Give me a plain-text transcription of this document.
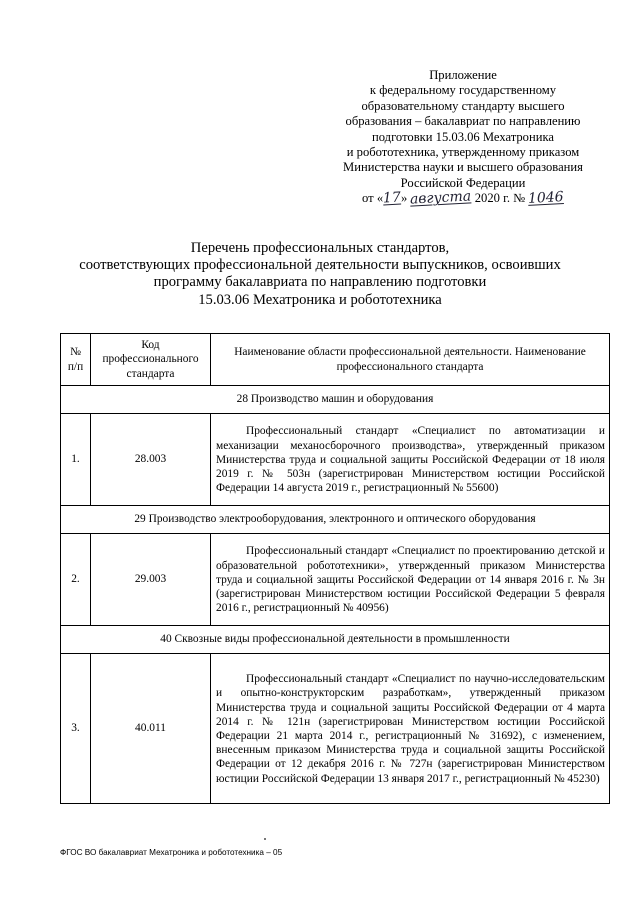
Приложение
к федеральному государственному
образовательному стандарту высшего
образования – бакалавриат по направлению
подготовки 15.03.06 Мехатроника
и робототехника, утвержденному приказом
Министерства науки и высшего образования
Российской Федерации
от «17» августа 2020 г. № 1046
Перечень профессиональных стандартов,
соответствующих профессиональной деятельности выпускников, освоивших
программу бакалавриата по направлению подготовки
15.03.06 Мехатроника и робототехника
№ п/п	Код профессионального стандарта	Наименование области профессиональной деятельности. Наименование профессионального стандарта
28 Производство машин и оборудования		
1.	28.003	Профессиональный стандарт «Специалист по автоматизации и механизации механосборочного производства», утвержденный приказом Министерства труда и социальной защиты Российской Федерации от 18 июля 2019 г. № 503н (зарегистрирован Министерством юстиции Российской Федерации 14 августа 2019 г., регистрационный № 55600)
29 Производство электрооборудования, электронного и оптического оборудования		
2.	29.003	Профессиональный стандарт «Специалист по проектированию детской и образовательной робототехники», утвержденный приказом Министерства труда и социальной защиты Российской Федерации от 14 января 2016 г. № 3н (зарегистрирован Министерством юстиции Российской Федерации 5 февраля 2016 г., регистрационный № 40956)
40 Сквозные виды профессиональной деятельности в промышленности		
3.	40.011	Профессиональный стандарт «Специалист по научно-исследовательским и опытно-конструкторским разработкам», утвержденный приказом Министерства труда и социальной защиты Российской Федерации от 4 марта 2014 г. № 121н (зарегистрирован Министерством юстиции Российской Федерации 21 марта 2014 г., регистрационный № 31692), с изменением, внесенным приказом Министерства труда и социальной защиты Российской Федерации от 12 декабря 2016 г. № 727н (зарегистрирован Министерством юстиции Российской Федерации 13 января 2017 г., регистрационный № 45230)
ФГОС ВО бакалавриат Мехатроника и робототехника – 05
